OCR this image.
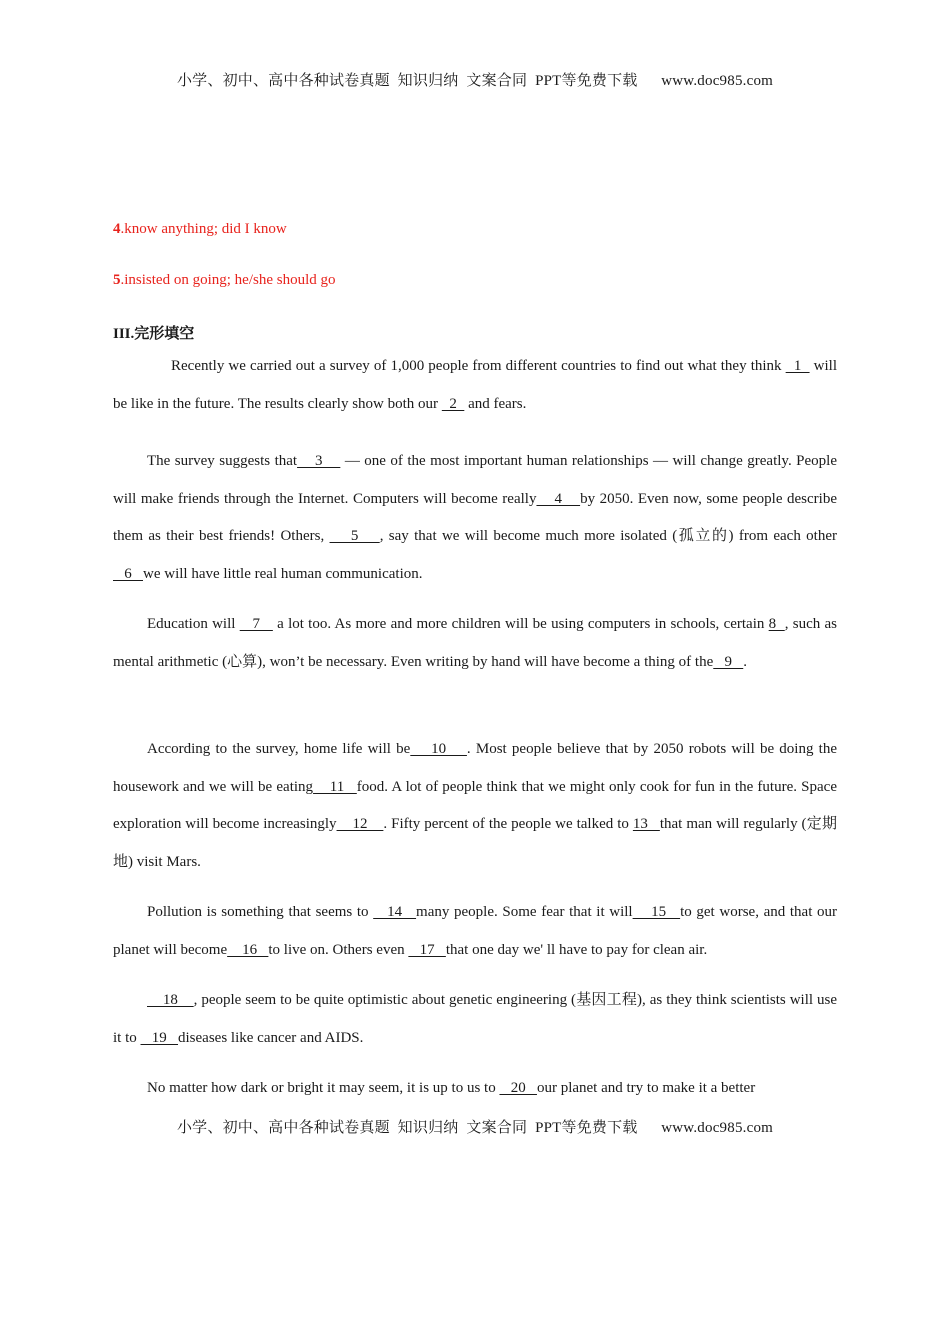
小学、初中、高中各种试卷真题  知识归纳  文案合同  PPT等免费下载      www.doc985.com
4.know anything; did I know
5.insisted on going; he/she should go
III.完形填空

Recently we carried out a survey of 1,000 people from different countries to find out what they think   1   will be like in the future. The results clearly show both our   2   and fears.

The survey suggests that    3     — one of the most important human relationships — will change greatly. People will make friends through the Internet. Computers will become really    4    by 2050. Even now, some people describe them as their best friends! Others,     5    , say that we will become much more isolated (孤立的) from each other    6   we will have little real human communication.

Education will    7    a lot too. As more and more children will be using computers in schools, certain 8  , such as mental arithmetic (心算), won’t be necessary. Even writing by hand will have become a thing of the   9   .

According to the survey, home life will be    10    . Most people believe that by 2050 robots will be doing the housework and we will be eating    11   food. A lot of people think that we might only cook for fun in the future. Space exploration will become increasingly    12    . Fifty percent of the people we talked to 13   that man will regularly (定期地) visit Mars.

Pollution is something that seems to    14   many people. Some fear that it will    15   to get worse, and that our planet will become    16   to live on. Others even    17   that one day we' ll have to pay for clean air.

18    , people seem to be quite optimistic about genetic engineering (基因工程), as they think scientists will use it to    19   diseases like cancer and AIDS.

No matter how dark or bright it may seem, it is up to us to    20   our planet and try to make it a better

小学、初中、高中各种试卷真题  知识归纳  文案合同  PPT等免费下载      www.doc985.com
